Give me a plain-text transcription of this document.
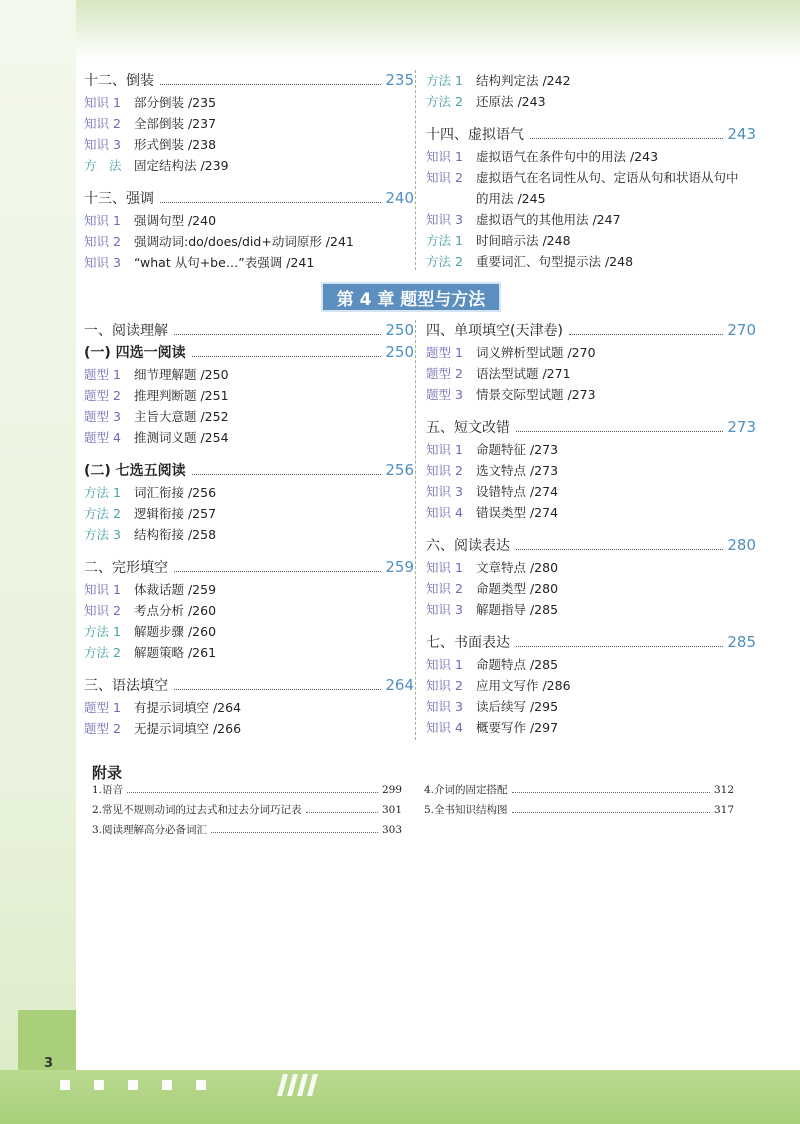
十二、倒装	235
知识 1	部分倒装 /235
知识 2	全部倒装 /237
知识 3	形式倒装 /238
方　法 固定结构法 /239
十三、强调	240
知识 1	强调句型 /240
知识 2	强调动词:do/does/did+动词原形 /241
知识 3	“what 从句+be…”表强调 /241
方法 1	结构判定法 /242
方法 2	还原法 /243
十四、虚拟语气	243
知识 1	虚拟语气在条件句中的用法 /243
知识 2	虚拟语气在名词性从句、定语从句和状语从句中的用法 /245
知识 3	虚拟语气的其他用法 /247
方法 1	时间暗示法 /248
方法 2	重要词汇、句型提示法 /248
第 4 章 题型与方法
一、阅读理解	250
(一) 四选一阅读	250
题型 1	细节理解题 /250
题型 2	推理判断题 /251
题型 3	主旨大意题 /252
题型 4	推测词义题 /254
(二) 七选五阅读	256
方法 1	词汇衔接 /256
方法 2	逻辑衔接 /257
方法 3	结构衔接 /258
二、完形填空	259
知识 1	体裁话题 /259
知识 2	考点分析 /260
方法 1	解题步骤 /260
方法 2	解题策略 /261
三、语法填空	264
题型 1	有提示词填空 /264
题型 2	无提示词填空 /266
四、单项填空(天津卷)	270
题型 1	词义辨析型试题 /270
题型 2	语法型试题 /271
题型 3	情景交际型试题 /273
五、短文改错	273
知识 1	命题特征 /273
知识 2	选文特点 /273
知识 3	设错特点 /274
知识 4	错误类型 /274
六、阅读表达	280
知识 1	文章特点 /280
知识 2	命题类型 /280
知识 3	解题指导 /285
七、书面表达	285
知识 1	命题特点 /285
知识 2	应用文写作 /286
知识 3	读后续写 /295
知识 4	概要写作 /297
附录
1.语音	299
2.常见不规则动词的过去式和过去分词巧记表	301
3.阅读理解高分必备词汇	303
4.介词的固定搭配	312
5.全书知识结构图	317
3
